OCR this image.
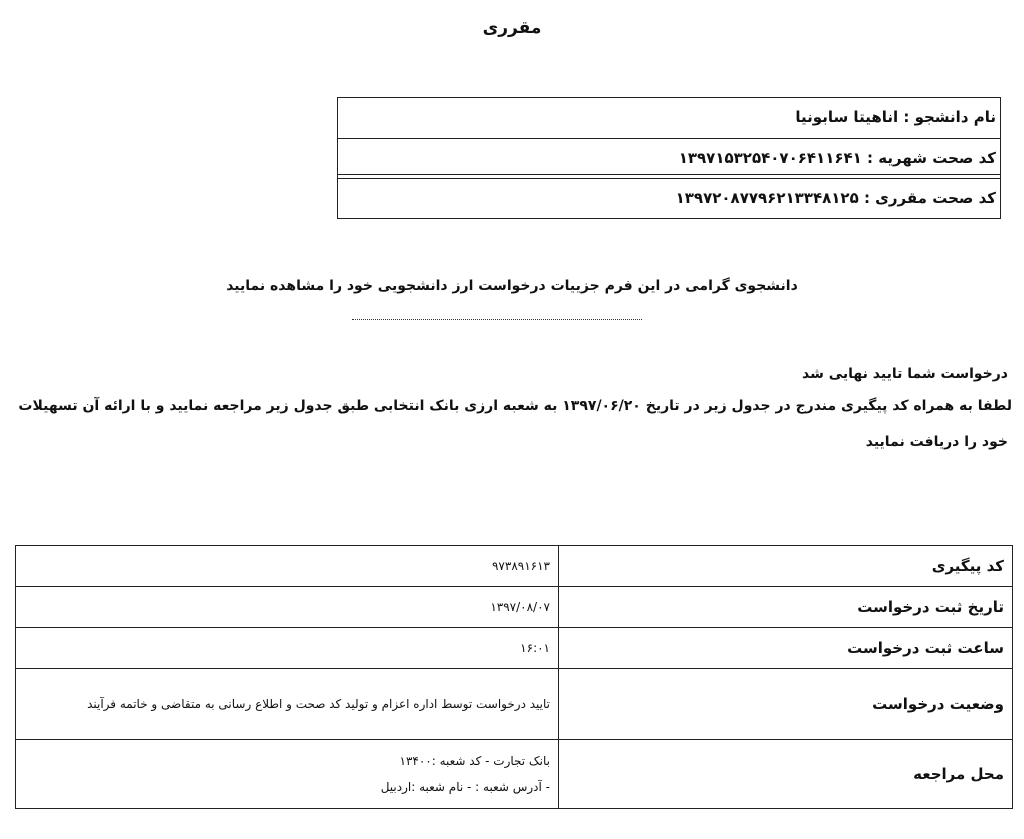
مقرری
نام دانشجو : اناهیتا سابونیا
کد صحت شهریه : ۱۳۹۷۱۵۳۲۵۴۰۷۰۶۴۱۱۶۴۱
کد صحت مقرری : ۱۳۹۷۲۰۸۷۷۹۶۲۱۳۳۴۸۱۲۵
دانشجوی گرامی در این فرم جزییات درخواست ارز دانشجویی خود را مشاهده نمایید
درخواست شما تایید نهایی شد
لطفا به همراه کد پیگیری مندرج در جدول زیر در تاریخ ۱۳۹۷/۰۶/۲۰ به شعبه ارزی بانک انتخابی طبق جدول زیر مراجعه نمایید و با ارائه آن تسهیلات
خود را دریافت نمایید
کد پیگیری	۹۷۳۸۹۱۶۱۳
تاریخ ثبت درخواست	۱۳۹۷/۰۸/۰۷
ساعت ثبت درخواست	۱۶:۰۱
وضعیت درخواست	تایید درخواست توسط اداره اعزام و تولید کد صحت و اطلاع رسانی به متقاضی و خاتمه فرآیند
محل مراجعه	بانک تجارت - کد شعبه :۱۳۴۰۰
- آدرس شعبه : - نام شعبه :اردبیل
